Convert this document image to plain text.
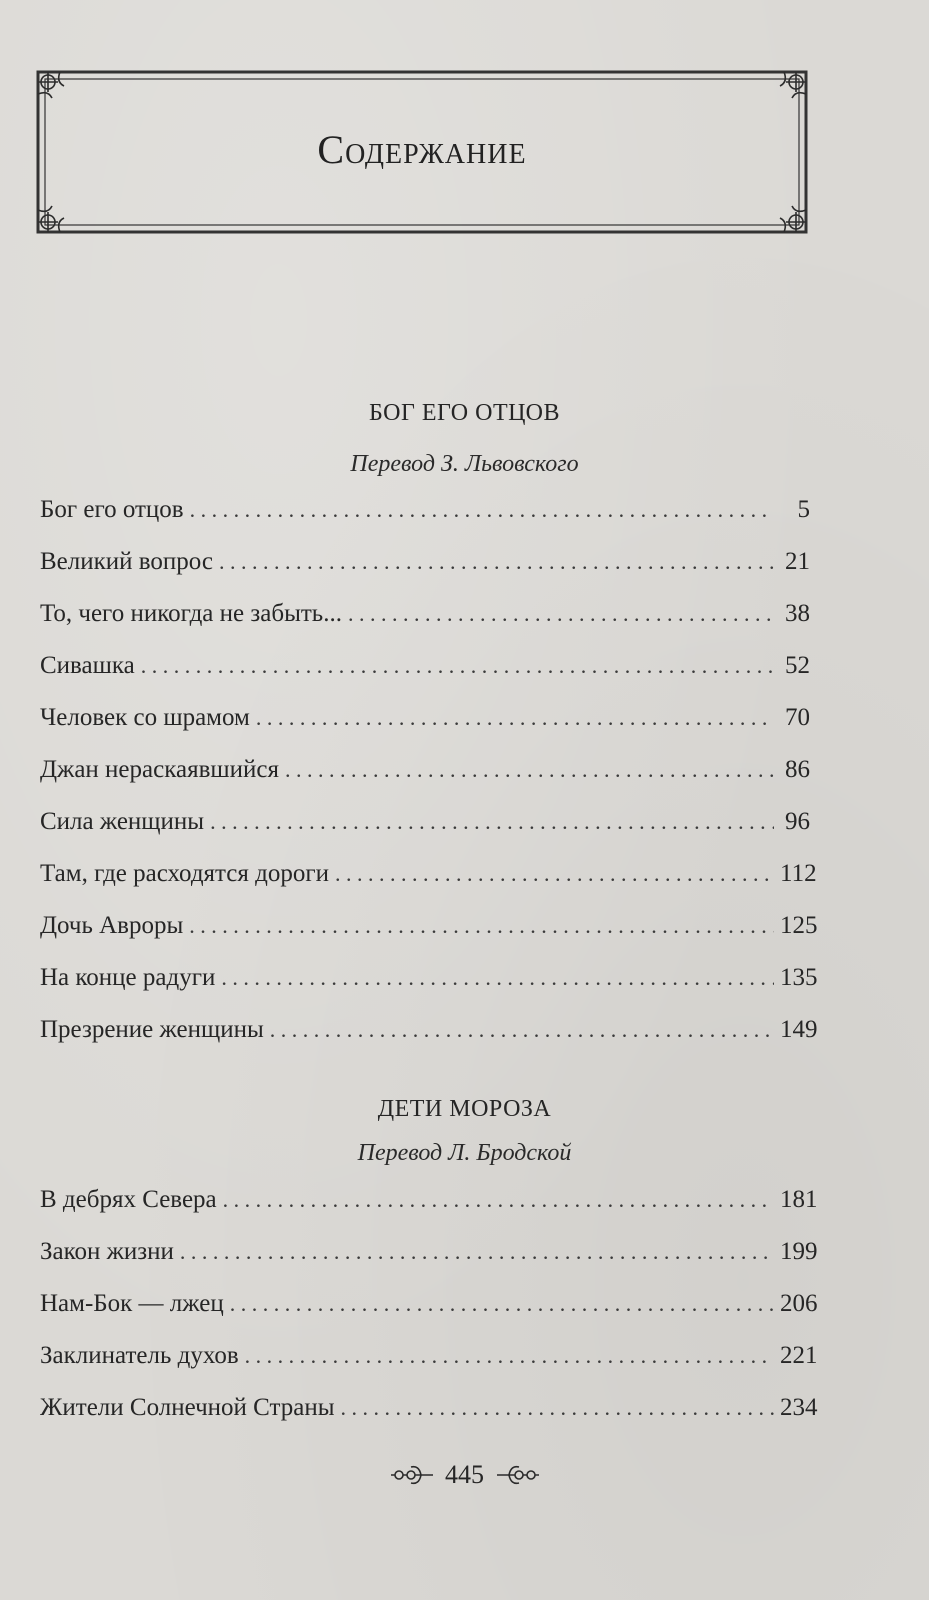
Содержание
БОГ ЕГО ОТЦОВ
Перевод З. Львовского
Бог его отцов . . .	5
Великий вопрос . . .	21
То, чего никогда не забыть... . . .	38
Сивашка . . .	52
Человек со шрамом . . .	70
Джан нераскаявшийся . . .	86
Сила женщины . . .	96
Там, где расходятся дороги . . .	112
Дочь Авроры . . .	125
На конце радуги . . .	135
Презрение женщины . . .	149
ДЕТИ МОРОЗА
Перевод Л. Бродской
В дебрях Севера . . .	181
Закон жизни . . .	199
Нам-Бок — лжец . . .	206
Заклинатель духов . . .	221
Жители Солнечной Страны . . .	234
445
